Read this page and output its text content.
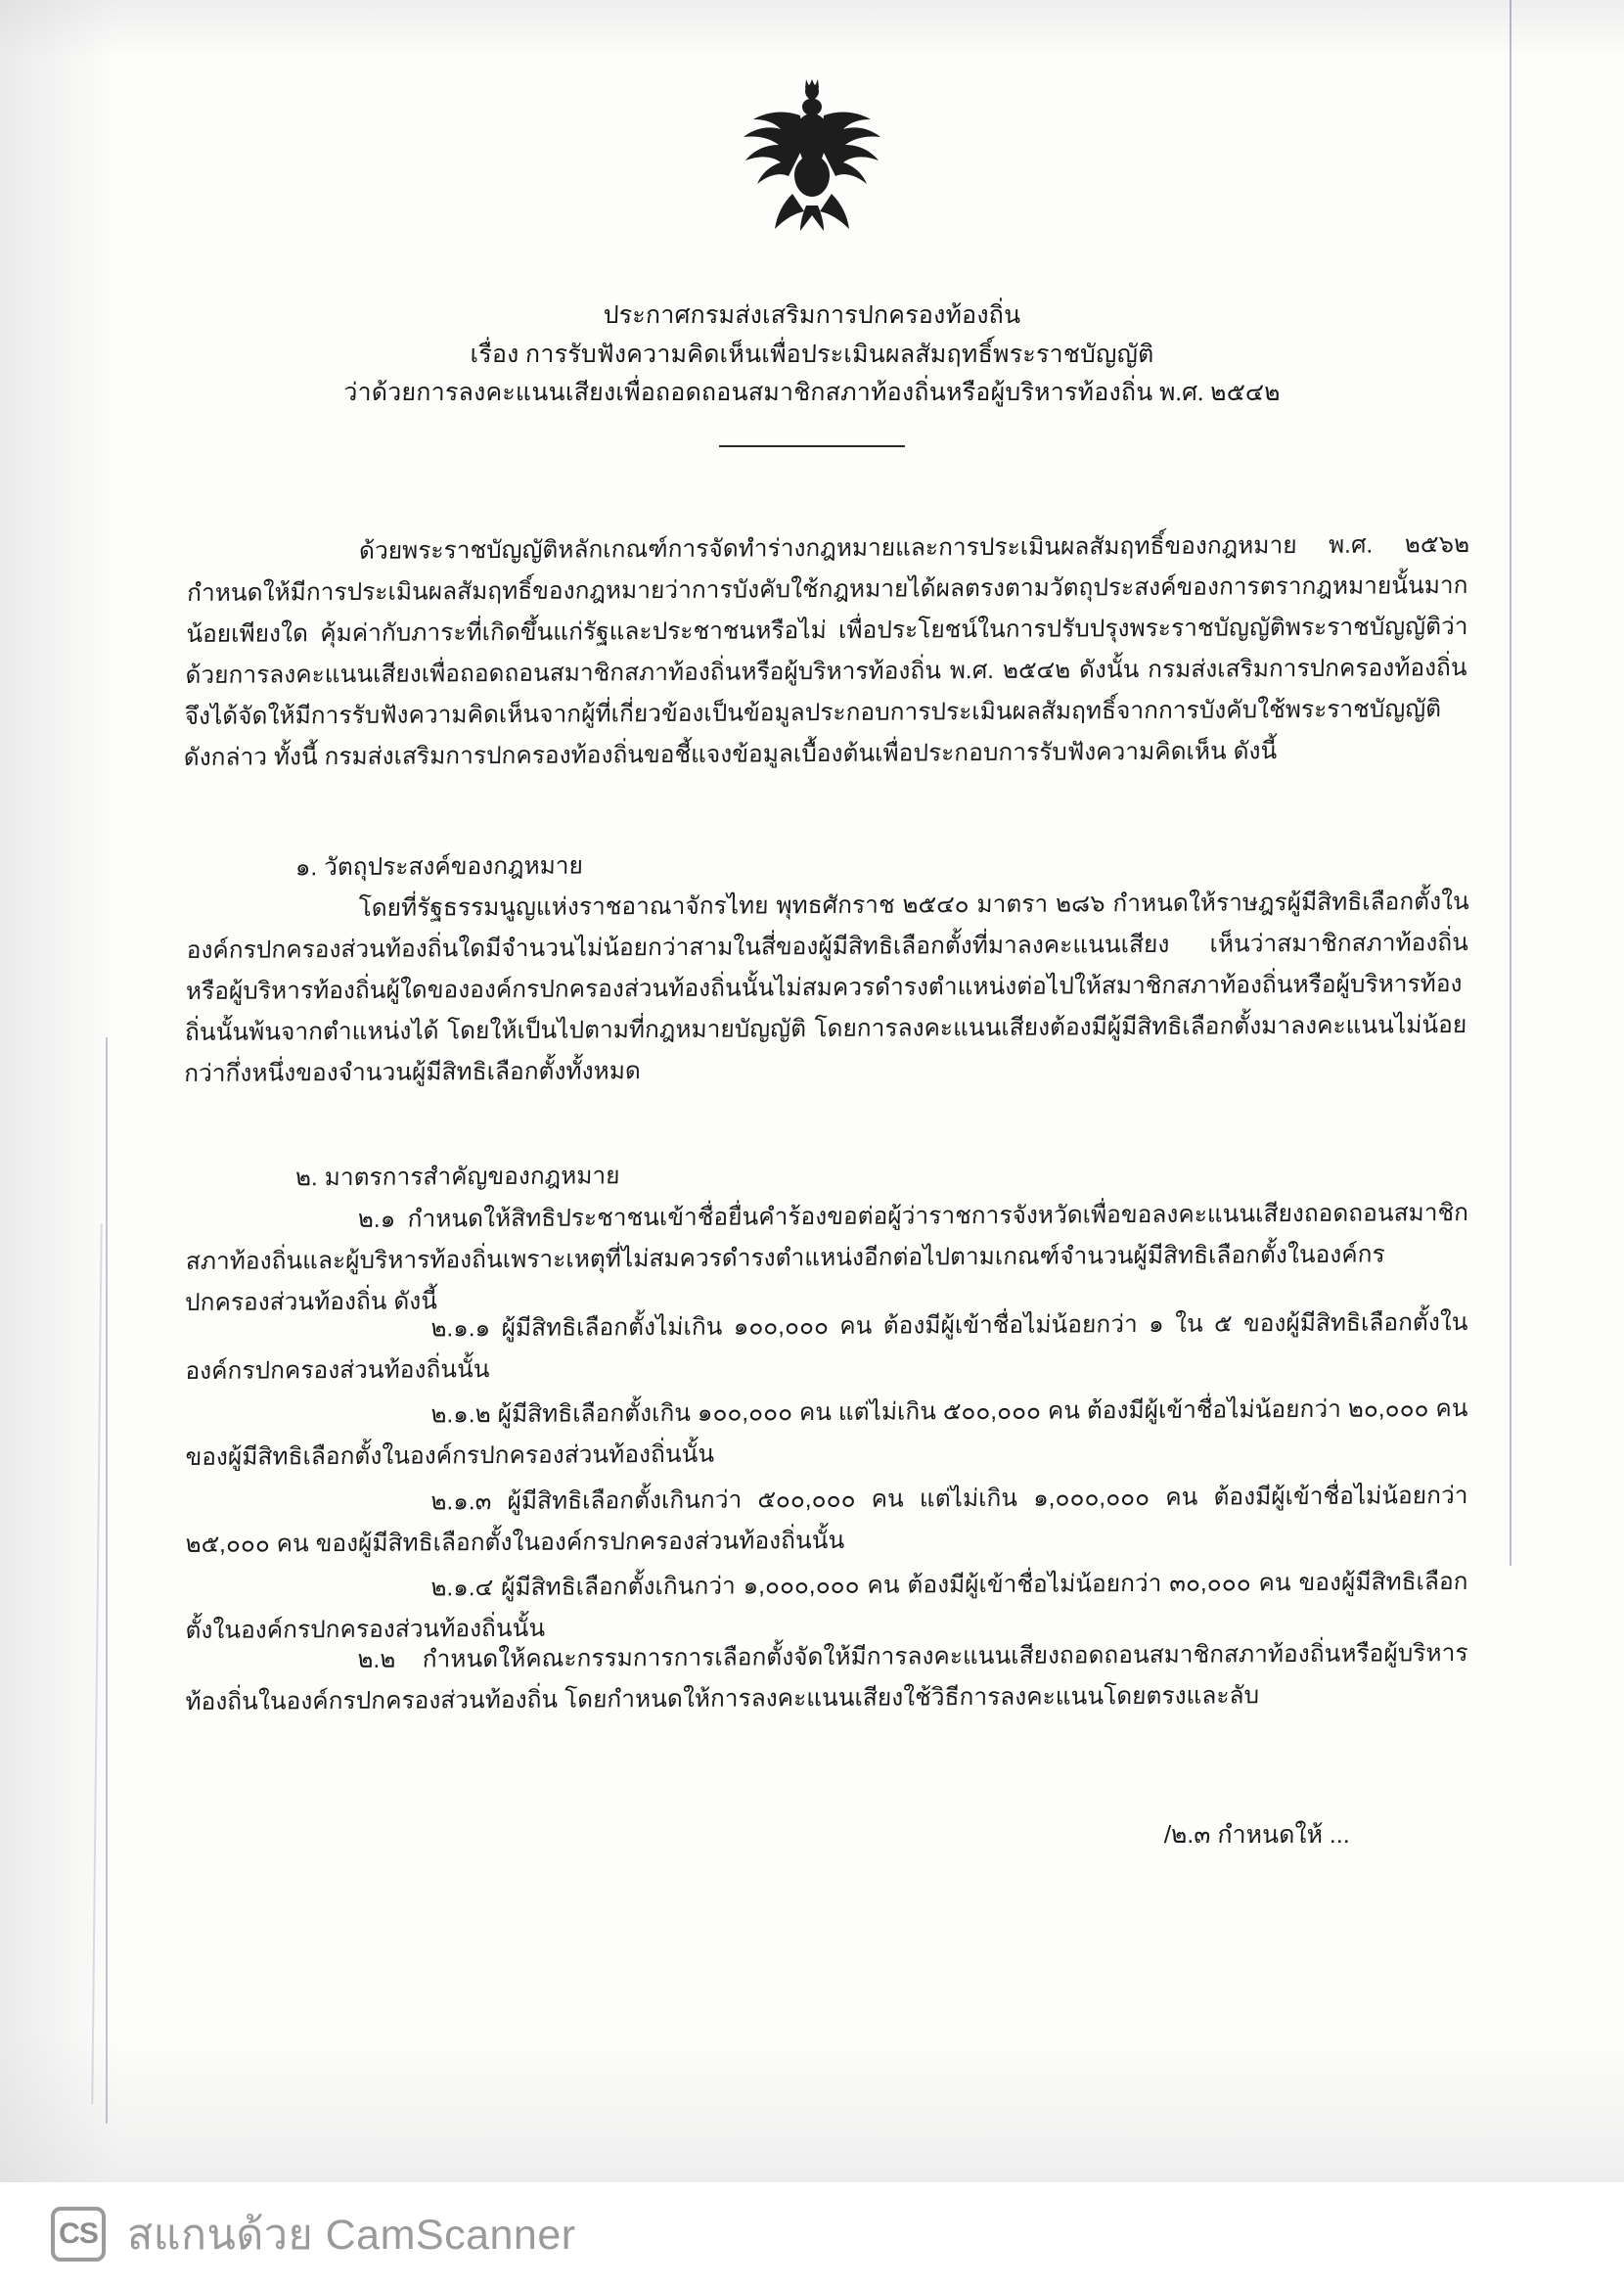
ประกาศกรมส่งเสริมการปกครองท้องถิ่น
เรื่อง การรับฟังความคิดเห็นเพื่อประเมินผลสัมฤทธิ์พระราชบัญญัติ
ว่าด้วยการลงคะแนนเสียงเพื่อถอดถอนสมาชิกสภาท้องถิ่นหรือผู้บริหารท้องถิ่น พ.ศ. ๒๕๔๒

ด้วยพระราชบัญญัติหลักเกณฑ์การจัดทำร่างกฎหมายและการประเมินผลสัมฤทธิ์ของกฎหมาย พ.ศ. ๒๕๖๒ กำหนดให้มีการประเมินผลสัมฤทธิ์ของกฎหมายว่าการบังคับใช้กฎหมายได้ผลตรงตามวัตถุประสงค์ของการตรากฎหมายนั้นมากน้อยเพียงใด คุ้มค่ากับภาระที่เกิดขึ้นแก่รัฐและประชาชนหรือไม่ เพื่อประโยชน์ในการปรับปรุงพระราชบัญญัติพระราชบัญญัติว่าด้วยการลงคะแนนเสียงเพื่อถอดถอนสมาชิกสภาท้องถิ่นหรือผู้บริหารท้องถิ่น พ.ศ. ๒๕๔๒ ดังนั้น กรมส่งเสริมการปกครองท้องถิ่นจึงได้จัดให้มีการรับฟังความคิดเห็นจากผู้ที่เกี่ยวข้องเป็นข้อมูลประกอบการประเมินผลสัมฤทธิ์จากการบังคับใช้พระราชบัญญัติดังกล่าว ทั้งนี้ กรมส่งเสริมการปกครองท้องถิ่นขอชี้แจงข้อมูลเบื้องต้นเพื่อประกอบการรับฟังความคิดเห็น ดังนี้

๑. วัตถุประสงค์ของกฎหมาย

โดยที่รัฐธรรมนูญแห่งราชอาณาจักรไทย พุทธศักราช ๒๕๔๐ มาตรา ๒๘๖ กำหนดให้ราษฎรผู้มีสิทธิเลือกตั้งในองค์กรปกครองส่วนท้องถิ่นใดมีจำนวนไม่น้อยกว่าสามในสี่ของผู้มีสิทธิเลือกตั้งที่มาลงคะแนนเสียง เห็นว่าสมาชิกสภาท้องถิ่นหรือผู้บริหารท้องถิ่นผู้ใดขององค์กรปกครองส่วนท้องถิ่นนั้นไม่สมควรดำรงตำแหน่งต่อไปให้สมาชิกสภาท้องถิ่นหรือผู้บริหารท้องถิ่นนั้นพ้นจากตำแหน่งได้ โดยให้เป็นไปตามที่กฎหมายบัญญัติ โดยการลงคะแนนเสียงต้องมีผู้มีสิทธิเลือกตั้งมาลงคะแนนไม่น้อยกว่ากึ่งหนึ่งของจำนวนผู้มีสิทธิเลือกตั้งทั้งหมด

๒. มาตรการสำคัญของกฎหมาย

๒.๑ กำหนดให้สิทธิประชาชนเข้าชื่อยื่นคำร้องขอต่อผู้ว่าราชการจังหวัดเพื่อขอลงคะแนนเสียงถอดถอนสมาชิกสภาท้องถิ่นและผู้บริหารท้องถิ่นเพราะเหตุที่ไม่สมควรดำรงตำแหน่งอีกต่อไปตามเกณฑ์จำนวนผู้มีสิทธิเลือกตั้งในองค์กรปกครองส่วนท้องถิ่น ดังนี้

๒.๑.๑ ผู้มีสิทธิเลือกตั้งไม่เกิน ๑๐๐,๐๐๐ คน ต้องมีผู้เข้าชื่อไม่น้อยกว่า ๑ ใน ๕ ของผู้มีสิทธิเลือกตั้งในองค์กรปกครองส่วนท้องถิ่นนั้น

๒.๑.๒ ผู้มีสิทธิเลือกตั้งเกิน ๑๐๐,๐๐๐ คน แต่ไม่เกิน ๕๐๐,๐๐๐ คน ต้องมีผู้เข้าชื่อไม่น้อยกว่า ๒๐,๐๐๐ คน ของผู้มีสิทธิเลือกตั้งในองค์กรปกครองส่วนท้องถิ่นนั้น

๒.๑.๓ ผู้มีสิทธิเลือกตั้งเกินกว่า ๕๐๐,๐๐๐ คน แต่ไม่เกิน ๑,๐๐๐,๐๐๐ คน ต้องมีผู้เข้าชื่อไม่น้อยกว่า ๒๕,๐๐๐ คน ของผู้มีสิทธิเลือกตั้งในองค์กรปกครองส่วนท้องถิ่นนั้น

๒.๑.๔ ผู้มีสิทธิเลือกตั้งเกินกว่า ๑,๐๐๐,๐๐๐ คน ต้องมีผู้เข้าชื่อไม่น้อยกว่า ๓๐,๐๐๐ คน ของผู้มีสิทธิเลือกตั้งในองค์กรปกครองส่วนท้องถิ่นนั้น

๒.๒ กำหนดให้คณะกรรมการการเลือกตั้งจัดให้มีการลงคะแนนเสียงถอดถอนสมาชิกสภาท้องถิ่นหรือผู้บริหารท้องถิ่นในองค์กรปกครองส่วนท้องถิ่น โดยกำหนดให้การลงคะแนนเสียงใช้วิธีการลงคะแนนโดยตรงและลับ

/๒.๓ กำหนดให้ ...
CS สแกนด้วย CamScanner
